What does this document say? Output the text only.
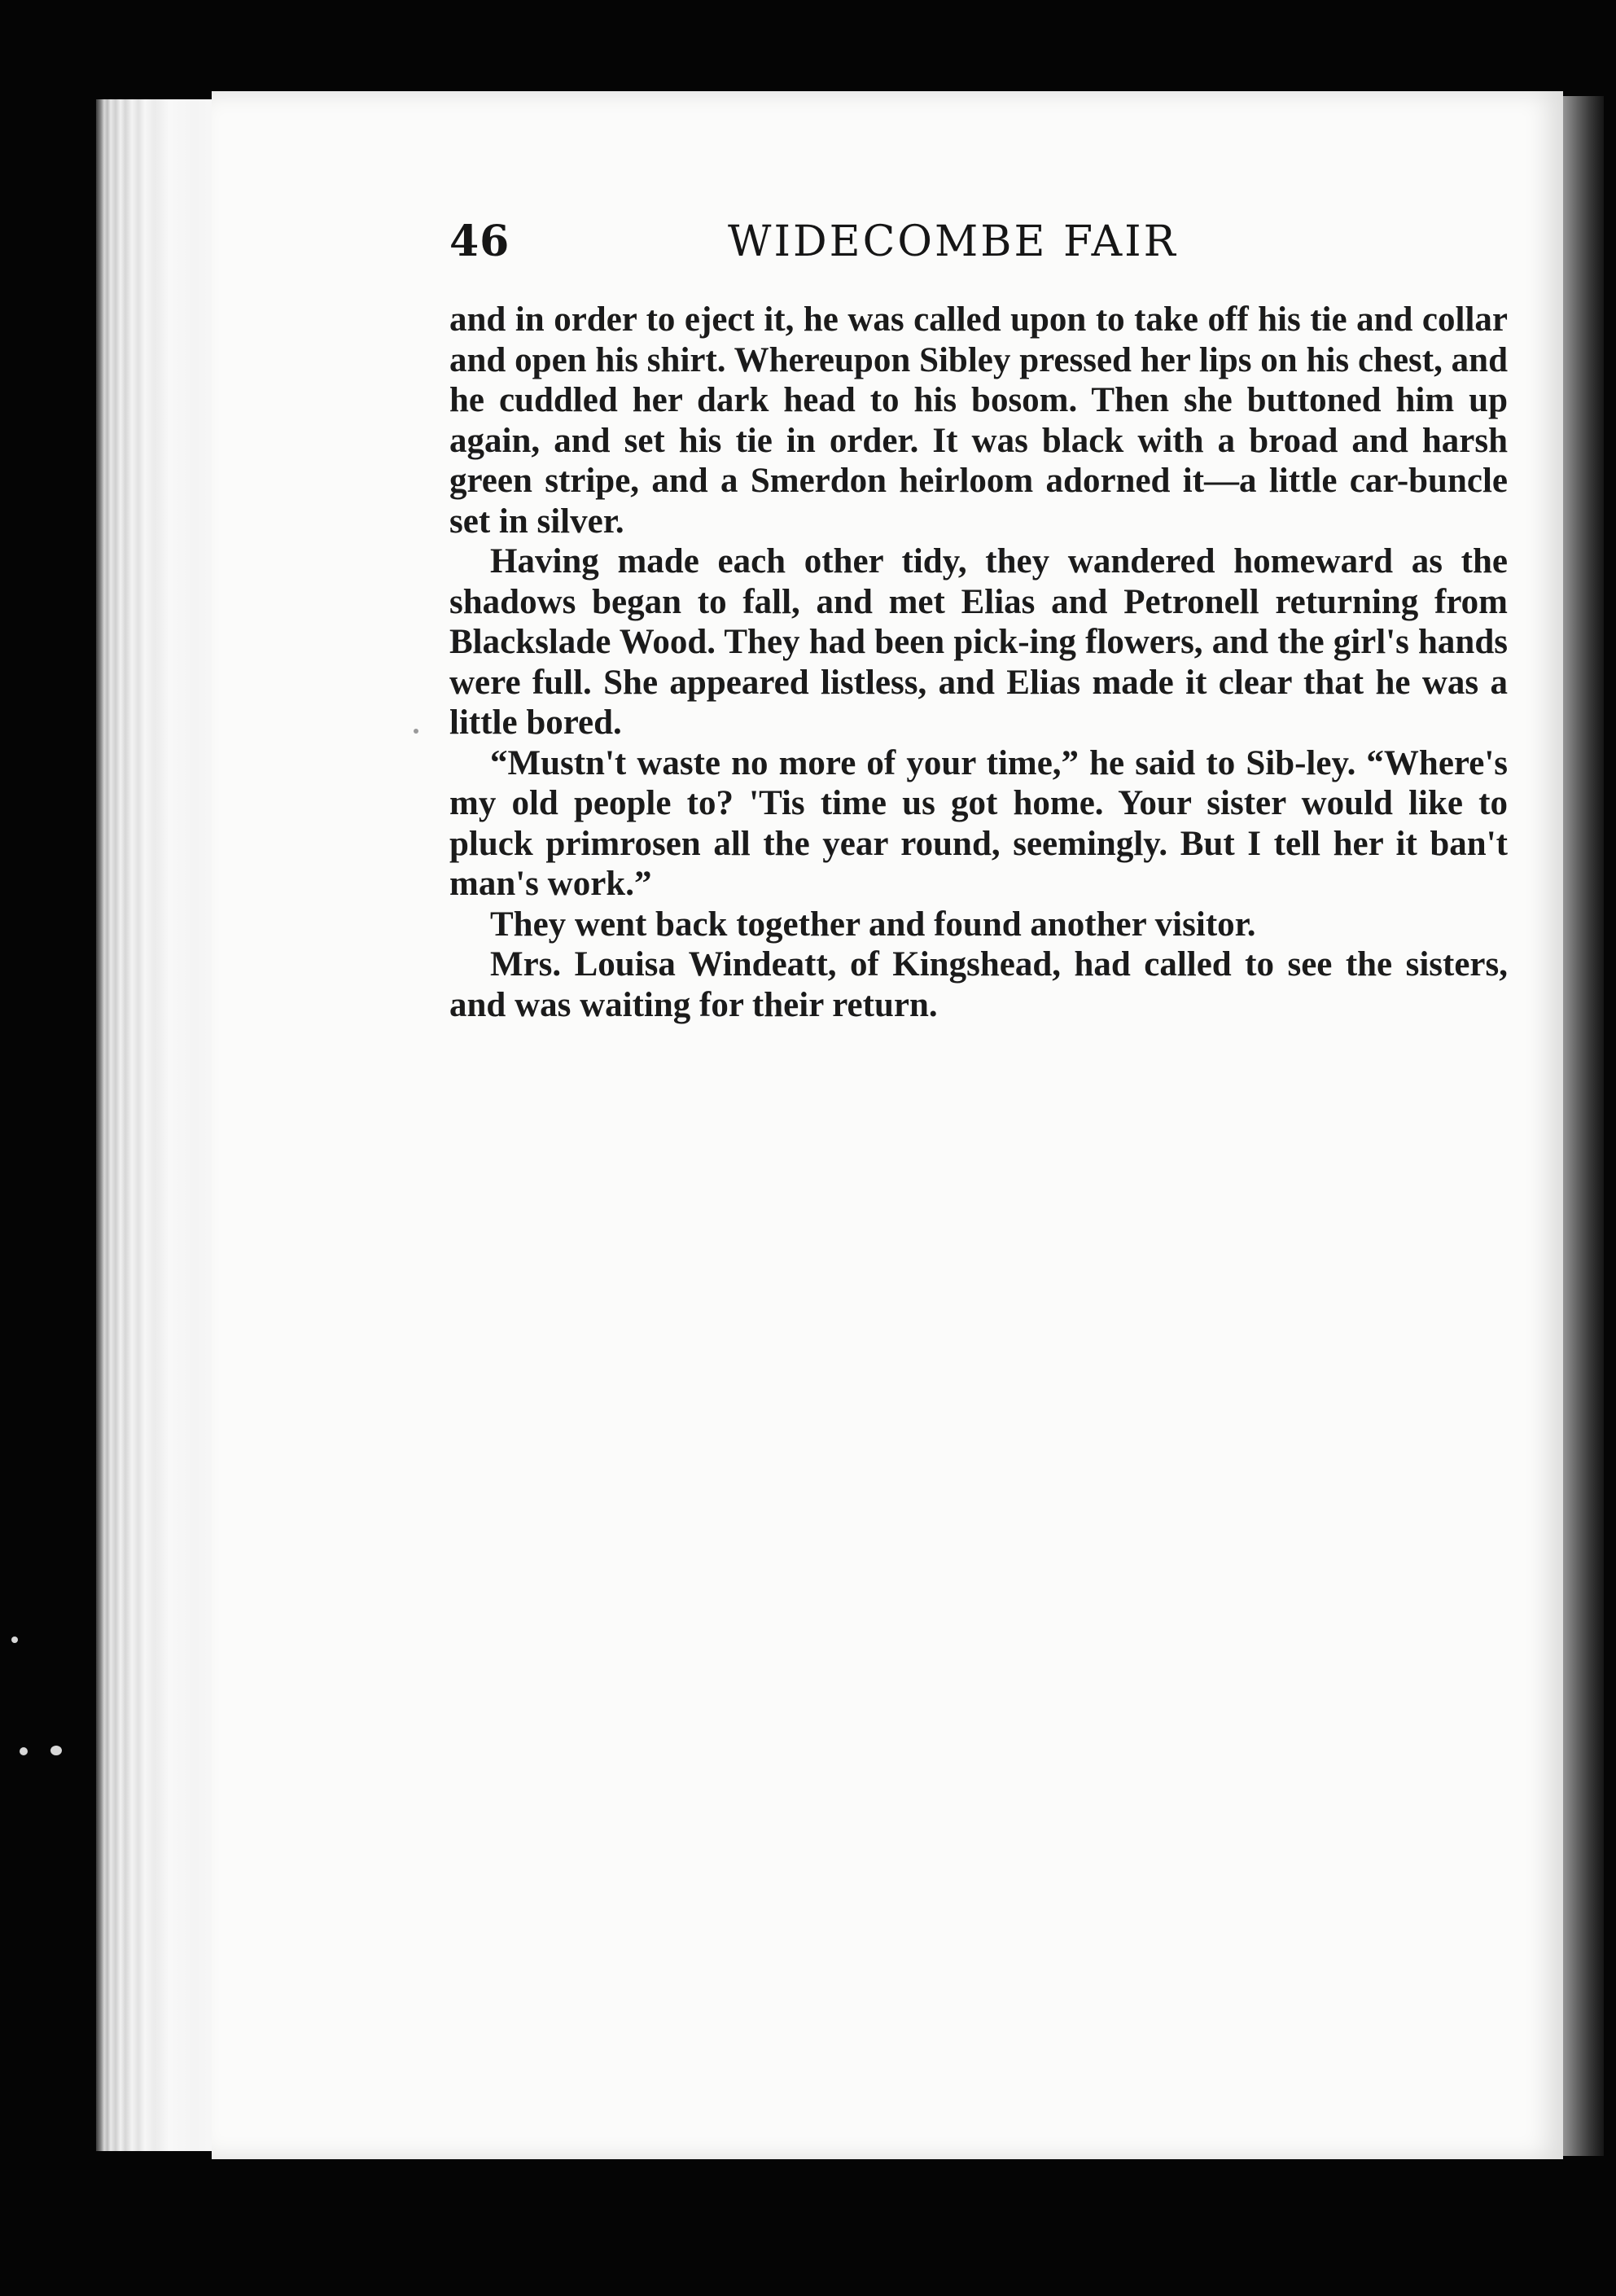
46	WIDECOMBE FAIR

and in order to eject it, he was called upon to take off his tie and collar and open his shirt. Whereupon Sibley pressed her lips on his chest, and he cuddled her dark head to his bosom. Then she buttoned him up again, and set his tie in order. It was black with a broad and harsh green stripe, and a Smerdon heirloom adorned it—a little car-buncle set in silver.

Having made each other tidy, they wandered homeward as the shadows began to fall, and met Elias and Petronell returning from Blackslade Wood. They had been pick-ing flowers, and the girl's hands were full. She appeared listless, and Elias made it clear that he was a little bored.

“Mustn't waste no more of your time,” he said to Sib-ley. “Where's my old people to? 'Tis time us got home. Your sister would like to pluck primrosen all the year round, seemingly. But I tell her it ban't man's work.”

They went back together and found another visitor.

Mrs. Louisa Windeatt, of Kingshead, had called to see the sisters, and was waiting for their return.
